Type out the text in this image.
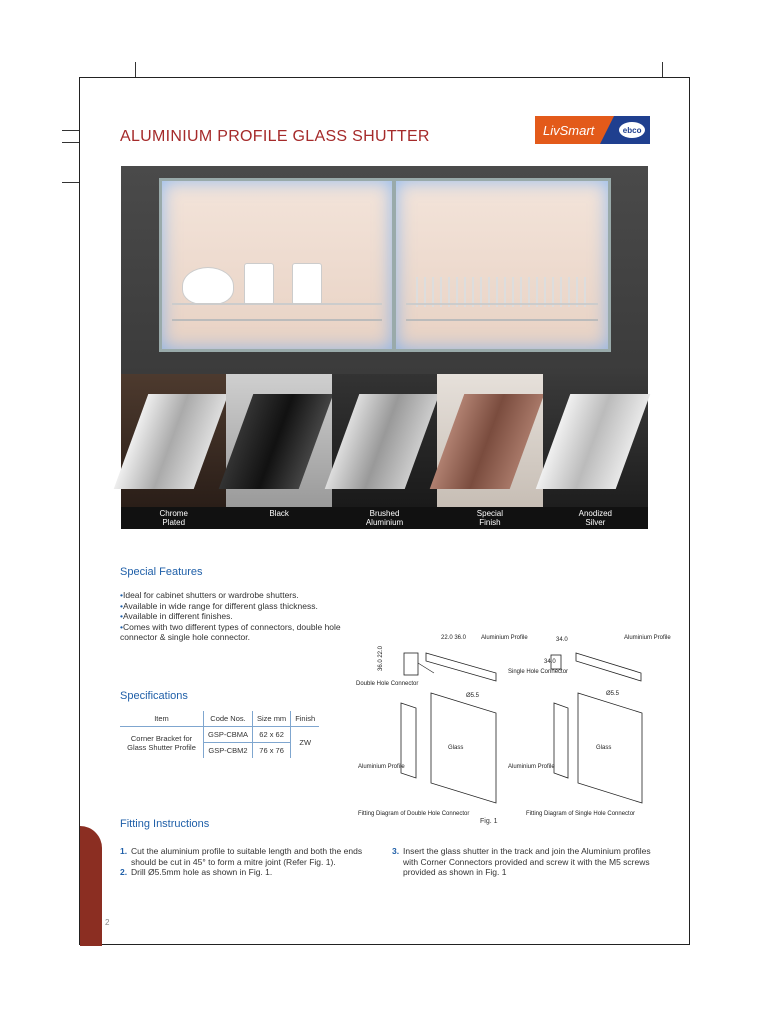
ALUMINIUM PROFILE GLASS SHUTTER	LivSmart	ebco
Chrome
Plated
Black	Brushed
Aluminium
Special
Finish
Anodized
Silver
Special Features
• Ideal for cabinet shutters or wardrobe shutters.
• Available in wide range for different glass thickness.
• Available in different finishes.
• Comes with two different types of connectors, double hole connector & single hole connector.
Specifications
Item	Code Nos.	Size mm	Finish
Corner Bracket for Glass Shutter Profile	GSP-CBMA	62 x 62	ZW
	GSP-CBM2	76 x 76	
22.0 36.0
36.0 22.0
Aluminium Profile
Double Hole Connector
Ø5.5
Glass
Aluminium Profile
Fitting Diagram of Double Hole Connector
34.0
34.0
Aluminium Profile
Single Hole Connector
Ø5.5
Glass
Aluminium Profile
Fitting Diagram of Single Hole Connector
Fig. 1
Fitting Instructions
1. Cut the aluminium profile to suitable length and both the ends should be cut in 45° to form a mitre joint (Refer Fig. 1).
2. Drill Ø5.5mm hole as shown in Fig. 1.
3. Insert the glass shutter in the track and join the Aluminium profiles with Corner Connectors provided and screw it with the M5 screws provided as shown in Fig. 1
2
